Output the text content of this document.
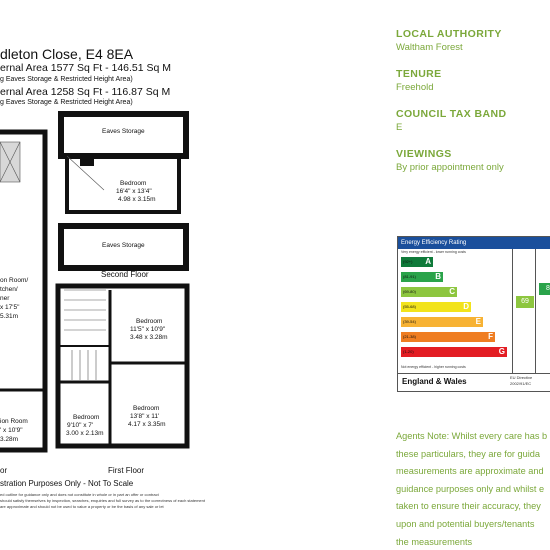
dleton Close, E4 8EA
ernal Area 1577 Sq Ft - 146.51 Sq M
g Eaves Storage & Restricted Height Area)
ernal Area 1258 Sq Ft - 116.87 Sq M
g Eaves Storage & Restricted Height Area)
Eaves Storage
Bedroom
16'4" x 13'4"
4.98 x 3.15m
Eaves Storage
Second Floor
Bedroom
11'5" x 10'9"
3.48 x 3.28m
Bedroom
9'10" x 7'
3.00 x 2.13m
Bedroom
13'8" x 11'
4.17 x 3.35m
First Floor
on Room/
tchen/
ner
x 17'5"
5.31m
ion Room
' x 10'9"
3.28m
or
stration Purposes Only - Not To Scale
ed outline for guidance only and does not constitute in whole or in part an offer or contract
should satisfy themselves by inspection, searches, enquiries and full survey as to the correctness of each statement
are approximate and should not be used to value a property or be the basis of any sale or let
LOCAL AUTHORITY
Waltham Forest
TENURE
Freehold
COUNCIL TAX BAND
E
VIEWINGS
By prior appointment only
Energy Efficiency Rating
Very energy efficient - lower running costs
(92+) A
(81-91) B
(69-80)	C
(55-68)	D
(39-54)	E
(21-38)	F
(1-20)	G
Not energy efficient - higher running costs
69
8
England & Wales	EU Directive
2002/91/EC
Agents Note: Whilst every care has b
these particulars, they are for guida
measurements are approximate and
guidance purposes only and whilst e
taken to ensure their accuracy, they
upon and potential buyers/tenants
the measurements
